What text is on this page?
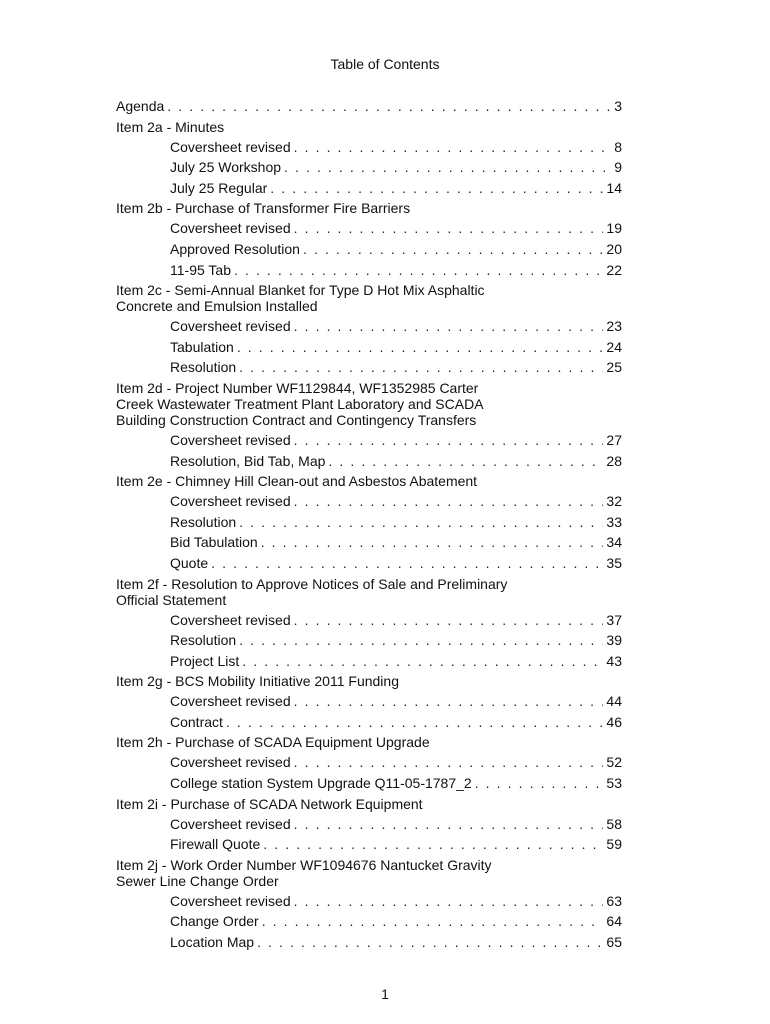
Table of Contents
Agenda . . .	3
Item 2a - Minutes
Coversheet revised . . .	8
July 25 Workshop . . .	9
July 25 Regular . . .	14
Item 2b - Purchase of Transformer Fire Barriers
Coversheet revised . . .	19
Approved Resolution . . .	20
11-95 Tab . . .	22
Item 2c - Semi-Annual Blanket for Type D Hot Mix Asphaltic
Concrete and Emulsion Installed
Coversheet revised . . .	23
Tabulation . . .	24
Resolution . . .	25
Item 2d - Project Number WF1129844, WF1352985 Carter
Creek Wastewater Treatment Plant Laboratory and SCADA
Building Construction Contract and Contingency Transfers
Coversheet revised . . .	27
Resolution, Bid Tab, Map . . .	28
Item 2e - Chimney Hill Clean-out and Asbestos Abatement
Coversheet revised . . .	32
Resolution . . .	33
Bid Tabulation . . .	34
Quote . . .	35
Item 2f - Resolution to Approve Notices of Sale and Preliminary
Official Statement
Coversheet revised . . .	37
Resolution . . .	39
Project List . . .	43
Item 2g - BCS Mobility Initiative 2011 Funding
Coversheet revised . . .	44
Contract . . .	46
Item 2h - Purchase of SCADA Equipment Upgrade
Coversheet revised . . .	52
College station System Upgrade Q11-05-1787_2 . . .	53
Item 2i - Purchase of SCADA Network Equipment
Coversheet revised . . .	58
Firewall Quote . . .	59
Item 2j - Work Order Number WF1094676 Nantucket Gravity
Sewer Line Change Order
Coversheet revised . . .	63
Change Order . . .	64
Location Map . . .	65
1
